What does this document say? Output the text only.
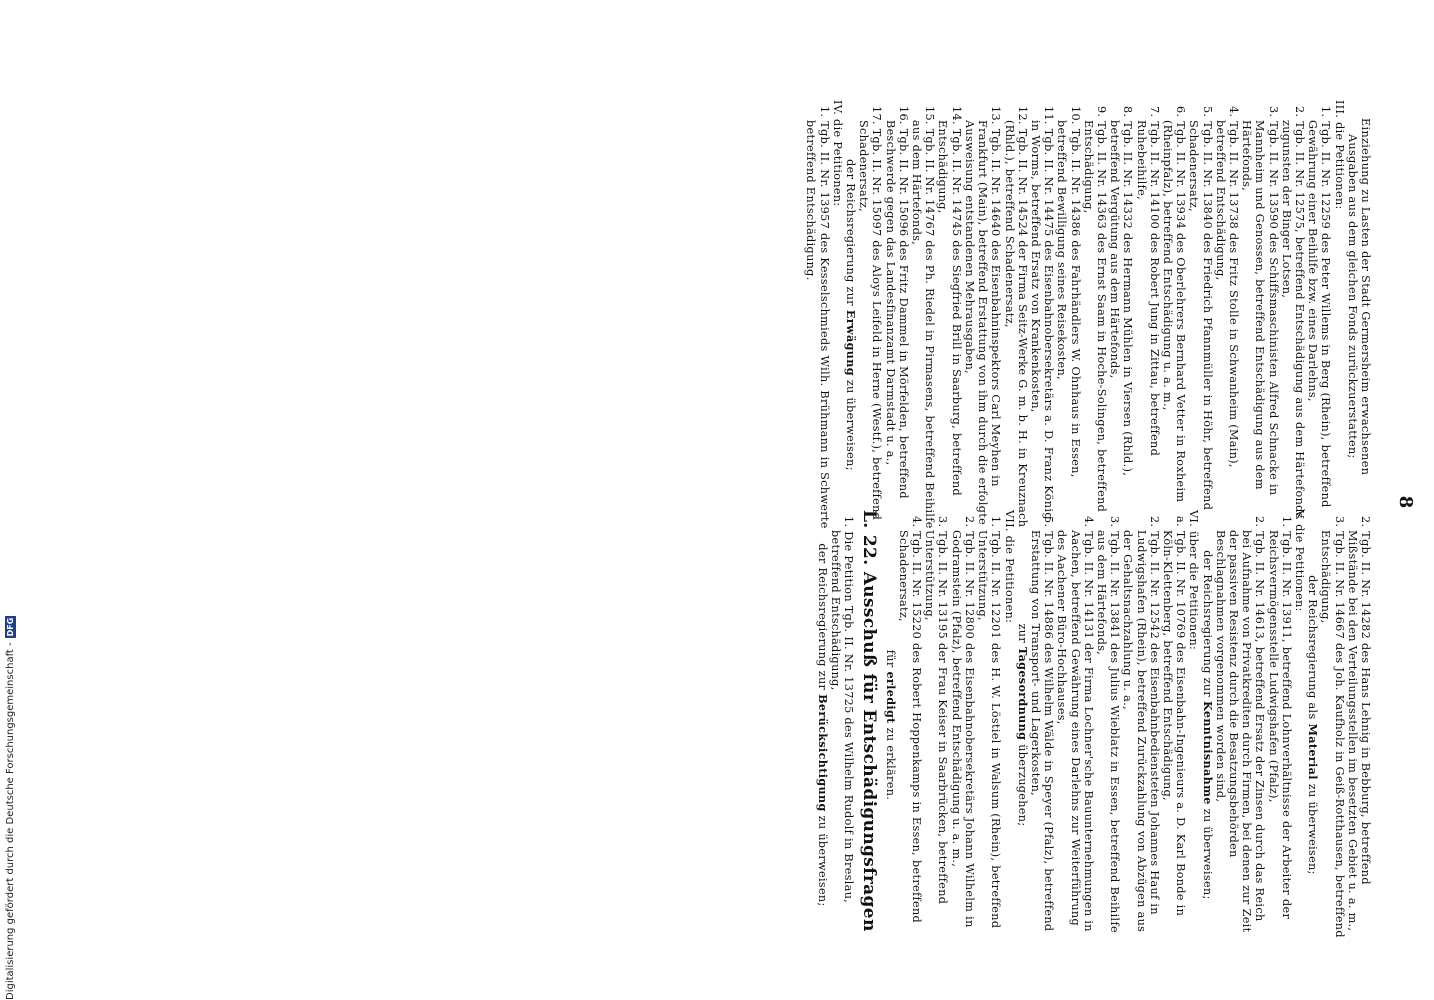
8

Einziehung zu Lasten der Stadt Germersheim erwachsenen Ausgaben aus dem gleichen Fonds zurückzuerstatten;

III. die Petitionen:

1. Tgb. II. Nr. 12259 des Peter Willems in Berg (Rhein), betreffend Gewährung einer Beihilfe bzw. eines Darlehns,

2. Tgb. II. Nr. 12575, betreffend Entschädigung aus dem Härtefonds zugunsten der Binger Lotsen,

3. Tgb. II. Nr. 13590 des Schiffsmaschinisten Alfred Schnacke in Mannheim und Genossen, betreffend Entschädigung aus dem Härtefonds,

4. Tgb. II. Nr. 13738 des Fritz Stolle in Schwanheim (Main), betreffend Entschädigung,

5. Tgb. II. Nr. 13840 des Friedrich Pfannmüller in Höhr, betreffend Schadenersatz,

6. Tgb. II. Nr. 13934 des Oberlehrers Bernhard Vetter in Roxheim (Rheinpfalz), betreffend Entschädigung u. a. m.,

7. Tgb. II. Nr. 14100 des Robert Jung in Zittau, betreffend Ruhebeihilfe,

8. Tgb. II. Nr. 14332 des Hermann Mühlen in Viersen (Rhld.), betreffend Vergütung aus dem Härtefonds,

9. Tgb. II. Nr. 14363 des Ernst Saam in Hoche-Solingen, betreffend Entschädigung,

10. Tgb. II. Nr. 14386 des Fahrhändlers W. Ohnhaus in Essen, betreffend Bewilligung seines Reisekosten,

11. Tgb. II. Nr. 14475 des Eisenbahnobersekretärs a. D. Franz König in Worms, betreffend Ersatz von Krankenkosten,

12. Tgb. II. Nr. 14524 der Firma Seitz-Werke G. m. b. H. in Kreuznach (Rhld.), betreffend Schadenersatz,

13. Tgb. II. Nr. 14640 des Eisenbahninspektors Carl Meyhen in Frankfurt (Main), betreffend Erstattung von ihm durch die erfolgte Ausweisung entstandenen Mehrausgaben,

14. Tgb. II. Nr. 14745 des Siegfried Brill in Saarburg, betreffend Entschädigung,

15. Tgb. II. Nr. 14767 des Ph. Riedel in Pirmasens, betreffend Beihilfe aus dem Härtefonds,

16. Tgb. II. Nr. 15096 des Fritz Dammel in Mörfelden, betreffend Beschwerde gegen das Landesfinanzamt Darmstadt u. a.,

17. Tgb. II. Nr. 15097 des Aloys Leifeld in Herne (Westf.), betreffend Schadenersatz,

der Reichsregierung zur Erwägung zu überweisen;

IV. die Petitionen:

1. Tgb. II. Nr. 13957 des Kesselschmieds Wilh. Brühmann in Schwerte betreffend Entschädigung.

2. Tgb. II. Nr. 14282 des Hans Lehnig in Bebburg, betreffend Mißstände bei den Verteilungsstellen im besetzten Gebiet u. a. m.,

3. Tgb. II. Nr. 14667 des Joh. Kaufholz in Geiß-Rotthausen, betreffend Entschädigung,

der Reichsregierung als Material zu überweisen;

V. die Petitionen:

1. Tgb. II. Nr. 13911, betreffend Lohnverhältnisse der Arbeiter der Reichsvermögensstelle Ludwigshafen (Pfalz),

2. Tgb. II. Nr. 14613, betreffend Ersatz der Zinsen durch das Reich bei Aufnahme von Privatkrediten durch Firmen, bei denen zur Zeit der passiven Resistenz durch die Besatzungsbehörden Beschlagnahmen vorgenommen worden sind,

der Reichsregierung zur Kenntnisnahme zu überweisen;

VI. über die Petitionen:

a. Tgb. II. Nr. 10769 des Eisenbahn-Ingenieurs a. D. Karl Bonde in Köln-Klettenberg, betreffend Entschädigung,

2. Tgb. II. Nr. 12542 des Eisenbahnbediensteten Johannes Hauf in Ludwigshafen (Rhein), betreffend Zurückzahlung von Abzügen aus der Gehaltsnachzahlung u. a.,

3. Tgb. II. Nr. 13841 des Julius Wieblatz in Essen, betreffend Beihilfe aus dem Härtefonds,

4. Tgb. II. Nr. 14131 der Firma Lochner'sche Bauunternehmungen in Aachen, betreffend Gewährung eines Darlehns zur Weiterführung des Aachener Büro-Hochhauses,

5. Tgb. II. Nr. 14886 des Wilhelm Wälde in Speyer (Pfalz), betreffend Erstattung von Transport- und Lagerkosten,

zur Tagesordnung überzugehen;

VII. die Petitionen:

1. Tgb. II. Nr. 12201 des H. W. Löstiel in Walsum (Rhein), betreffend Unterstützung,

2. Tgb. II. Nr. 12800 des Eisenbahnobersekretärs Johann Wilhelm in Godramstein (Pfalz), betreffend Entschädigung u. a. m.,

3. Tgb. II. Nr. 13195 der Frau Keiser in Saarbrücken, betreffend Unterstützung,

4. Tgb. II. Nr. 15220 des Robert Hoppenkamps in Essen, betreffend Schadenersatz,

für erledigt zu erklären.

L. 22. Ausschuß für Entschädigungsfragen

1. Die Petition Tgb. II. Nr. 13725 des Wilhelm Rudolf in Breslau, betreffend Entschädigung,

der Reichsregierung zur Berücksichtigung zu überweisen;

Digitalisierung gefördert durch die Deutsche Forschungsgemeinschaft -
DFG
